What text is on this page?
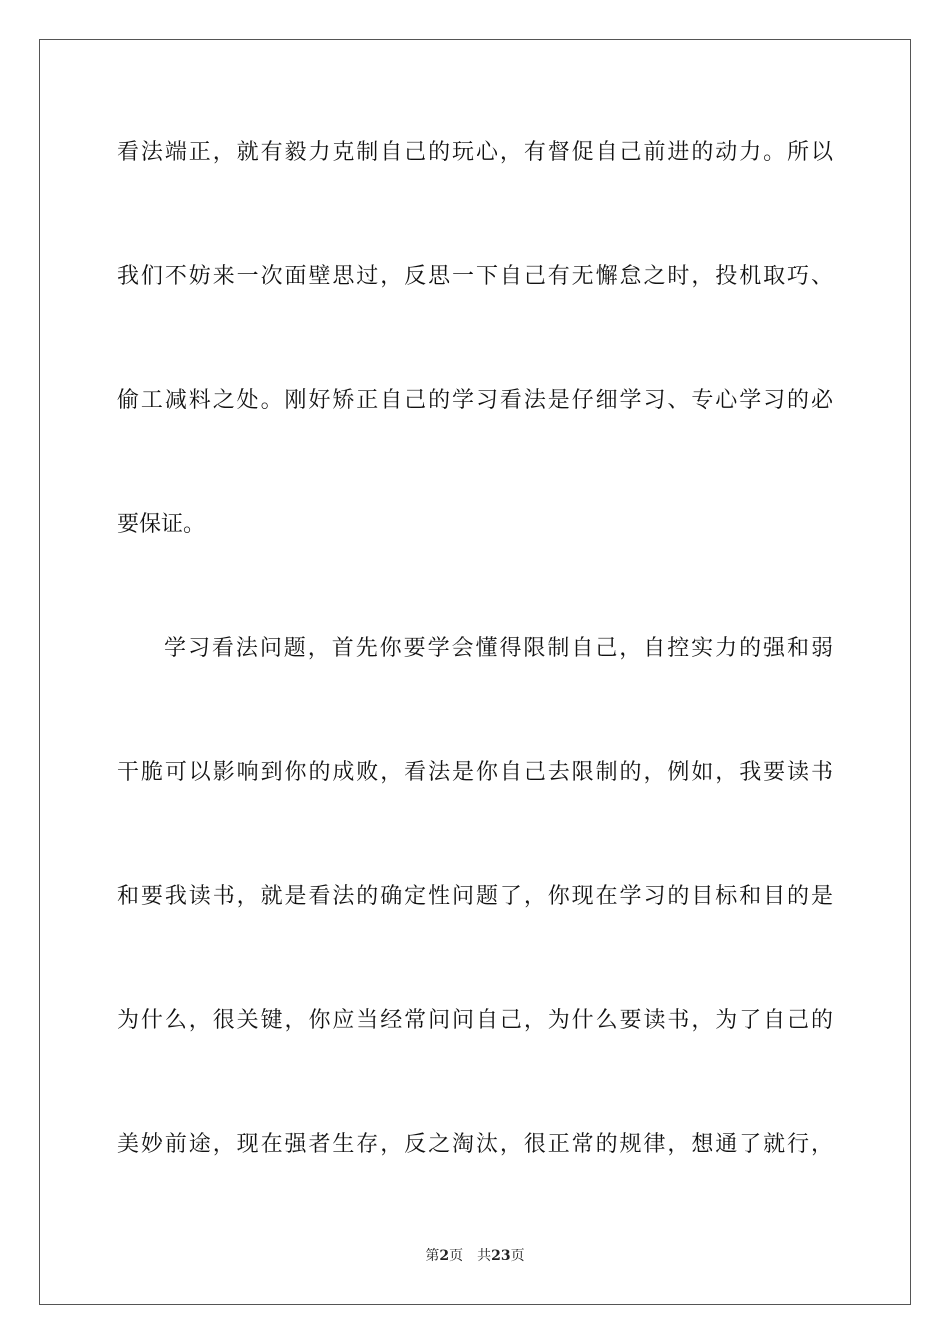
看法端正，就有毅力克制自己的玩心，有督促自己前进的动力。所以
我们不妨来一次面壁思过，反思一下自己有无懈怠之时，投机取巧、
偷工减料之处。刚好矫正自己的学习看法是仔细学习、专心学习的必
要保证。
学习看法问题，首先你要学会懂得限制自己，自控实力的强和弱
干脆可以影响到你的成败，看法是你自己去限制的，例如，我要读书
和要我读书，就是看法的确定性问题了，你现在学习的目标和目的是
为什么，很关键，你应当经常问问自己，为什么要读书，为了自己的
美妙前途，现在强者生存，反之淘汰，很正常的规律，想通了就行，
第2页 共23页
